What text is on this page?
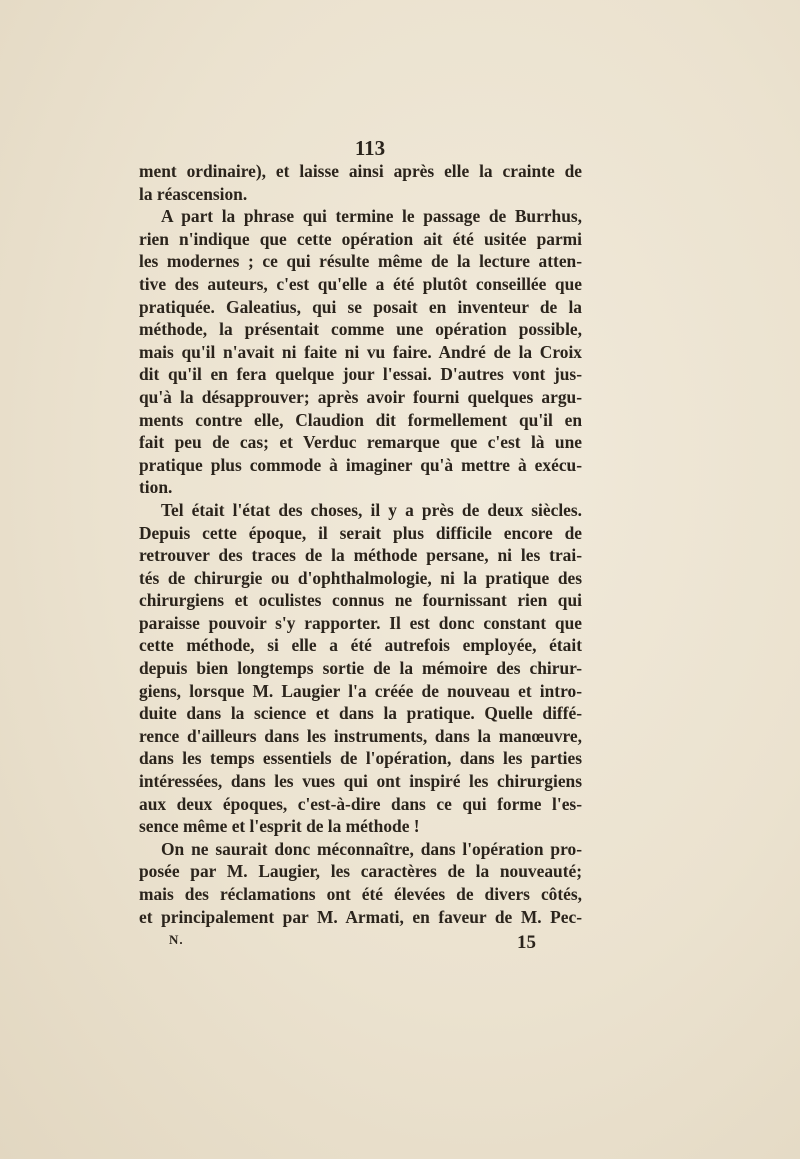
113
ment ordinaire), et laisse ainsi après elle la crainte de
la réascension.
A part la phrase qui termine le passage de Burrhus,
rien n'indique que cette opération ait été usitée parmi
les modernes ; ce qui résulte même de la lecture atten-
tive des auteurs, c'est qu'elle a été plutôt conseillée que
pratiquée. Galeatius, qui se posait en inventeur de la
méthode, la présentait comme une opération possible,
mais qu'il n'avait ni faite ni vu faire. André de la Croix
dit qu'il en fera quelque jour l'essai. D'autres vont jus-
qu'à la désapprouver; après avoir fourni quelques argu-
ments contre elle, Claudion dit formellement qu'il en
fait peu de cas; et Verduc remarque que c'est là une
pratique plus commode à imaginer qu'à mettre à exécu-
tion.
Tel était l'état des choses, il y a près de deux siècles.
Depuis cette époque, il serait plus difficile encore de
retrouver des traces de la méthode persane, ni les trai-
tés de chirurgie ou d'ophthalmologie, ni la pratique des
chirurgiens et oculistes connus ne fournissant rien qui
paraisse pouvoir s'y rapporter. Il est donc constant que
cette méthode, si elle a été autrefois employée, était
depuis bien longtemps sortie de la mémoire des chirur-
giens, lorsque M. Laugier l'a créée de nouveau et intro-
duite dans la science et dans la pratique. Quelle diffé-
rence d'ailleurs dans les instruments, dans la manœuvre,
dans les temps essentiels de l'opération, dans les parties
intéressées, dans les vues qui ont inspiré les chirurgiens
aux deux époques, c'est-à-dire dans ce qui forme l'es-
sence même et l'esprit de la méthode !
On ne saurait donc méconnaître, dans l'opération pro-
posée par M. Laugier, les caractères de la nouveauté;
mais des réclamations ont été élevées de divers côtés,
et principalement par M. Armati, en faveur de M. Pec-
N.	15
